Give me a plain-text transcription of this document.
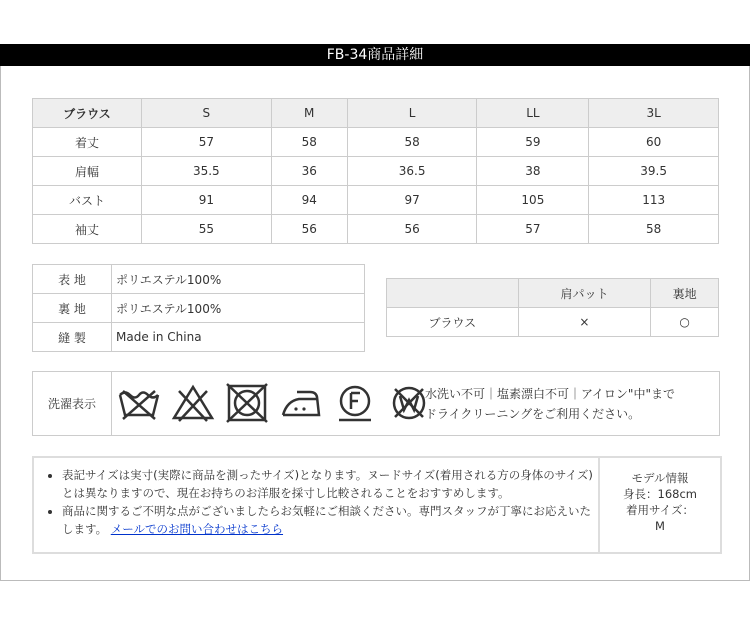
FB-34商品詳細
ブラウス	S	M	L	LL	3L
着丈	57	58	58	59	60
肩幅	35.5	36	36.5	38	39.5
バスト	91	94	97	105	113
袖丈	55	56	56	57	58
表 地	ポリエステル100%
裏 地	ポリエステル100%
縫 製	Made in China
	肩パット	裏地
ブラウス	×	○
洗濯表示
水洗い不可｜塩素漂白不可｜アイロン"中"まで
ドライクリーニングをご利用ください。
• 表記サイズは実寸(実際に商品を測ったサイズ)となります。ヌードサイズ(着用される方の身体のサイズ)とは異なりますので、現在お持ちのお洋服を採寸し比較されることをおすすめします。
• 商品に関するご不明な点がございましたらお気軽にご相談ください。専門スタッフが丁寧にお応えいたします。 メールでのお問い合わせはこちら
モデル情報
身長：168cm
着用サイズ：
M
